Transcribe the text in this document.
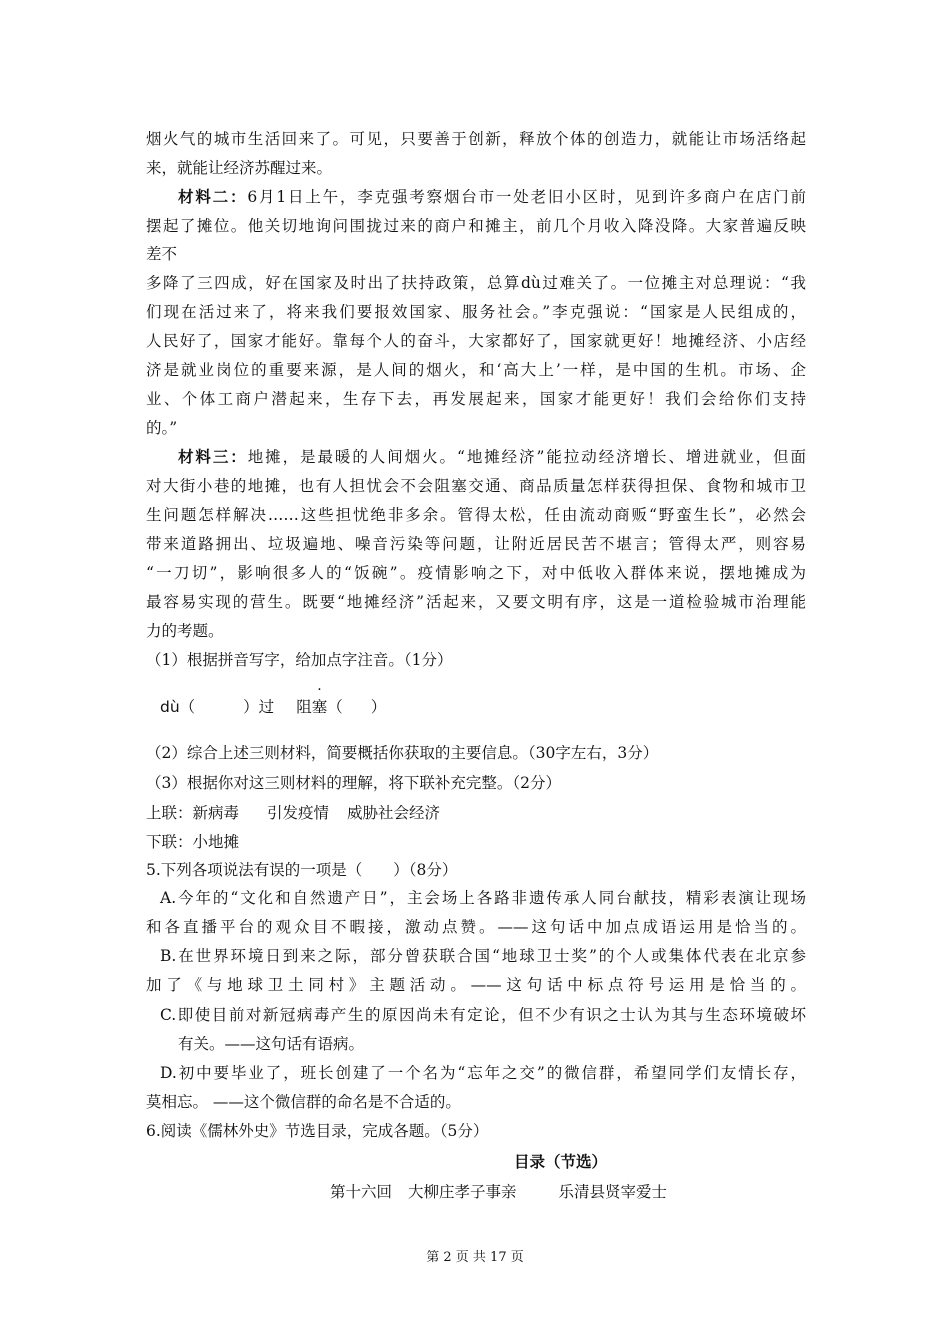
烟火气的城市生活回来了。可见，只要善于创新，释放个体的创造力，就能让市场活络起
来，就能让经济苏醒过来。
材料二：6月1日上午，李克强考察烟台市一处老旧小区时，见到许多商户在店门前
摆起了摊位。他关切地询问围拢过来的商户和摊主，前几个月收入降没降。大家普遍反映
差不
多降了三四成，好在国家及时出了扶持政策，总算dù过难关了。一位摊主对总理说：“我
们现在活过来了，将来我们要报效国家、服务社会。”李克强说：“国家是人民组成的，
人民好了，国家才能好。靠每个人的奋斗，大家都好了，国家就更好！地摊经济、小店经
济是就业岗位的重要来源，是人间的烟火，和‘高大上’一样，是中国的生机。市场、企
业、个体工商户潜起来，生存下去，再发展起来，国家才能更好！我们会给你们支持
的。”
材料三：地摊，是最暖的人间烟火。“地摊经济”能拉动经济增长、增进就业，但面
对大街小巷的地摊，也有人担忧会不会阻塞交通、商品质量怎样获得担保、食物和城市卫
生问题怎样解决……这些担忧绝非多余。管得太松，任由流动商贩“野蛮生长”，必然会
带来道路拥出、垃圾遍地、噪音污染等问题，让附近居民苦不堪言；管得太严，则容易
“一刀切”，影响很多人的“饭碗”。疫情影响之下，对中低收入群体来说，摆地摊成为
最容易实现的营生。既要“地摊经济”活起来，又要文明有序，这是一道检验城市治理能
力的考题。
（1）根据拼音写字，给加点字注音。（1分）
dù（	）过 阻
·
塞（ ）
（2）综合上述三则材料，简要概括你获取的主要信息。（30字左右，3分）
（3）根据你对这三则材料的理解，将下联补充完整。（2分）
上联：新病毒 引发疫情 威胁社会经济
下联：小地摊
5.下列各项说法有误的一项是（　　）（8分）
A.今年的“文化和自然遗产日”，主会场上各路非遗传承人同台献技，精彩表演让现场
和各直播平台的观众目不暇接，激动点赞。——这句话中加点成语运用是恰当的。
B.在世界环境日到来之际，部分曾获联合国“地球卫士奖”的个人或集体代表在北京参
加了《与地球卫土同村》主题活动。——这句话中标点符号运用是恰当的。
C.即使目前对新冠病毒产生的原因尚未有定论，但不少有识之士认为其与生态环境破坏
有关。——这句话有语病。
D.初中要毕业了，班长创建了一个名为“忘年之交”的微信群，希望同学们友情长存，
莫相忘。 ——这个微信群的命名是不合适的。
6.阅读《儒林外史》节选目录，完成各题。（5分）
目录（节选）
第十六回 大柳庄孝子事亲	乐清县贤宰爱士
第 2 页 共 17 页
